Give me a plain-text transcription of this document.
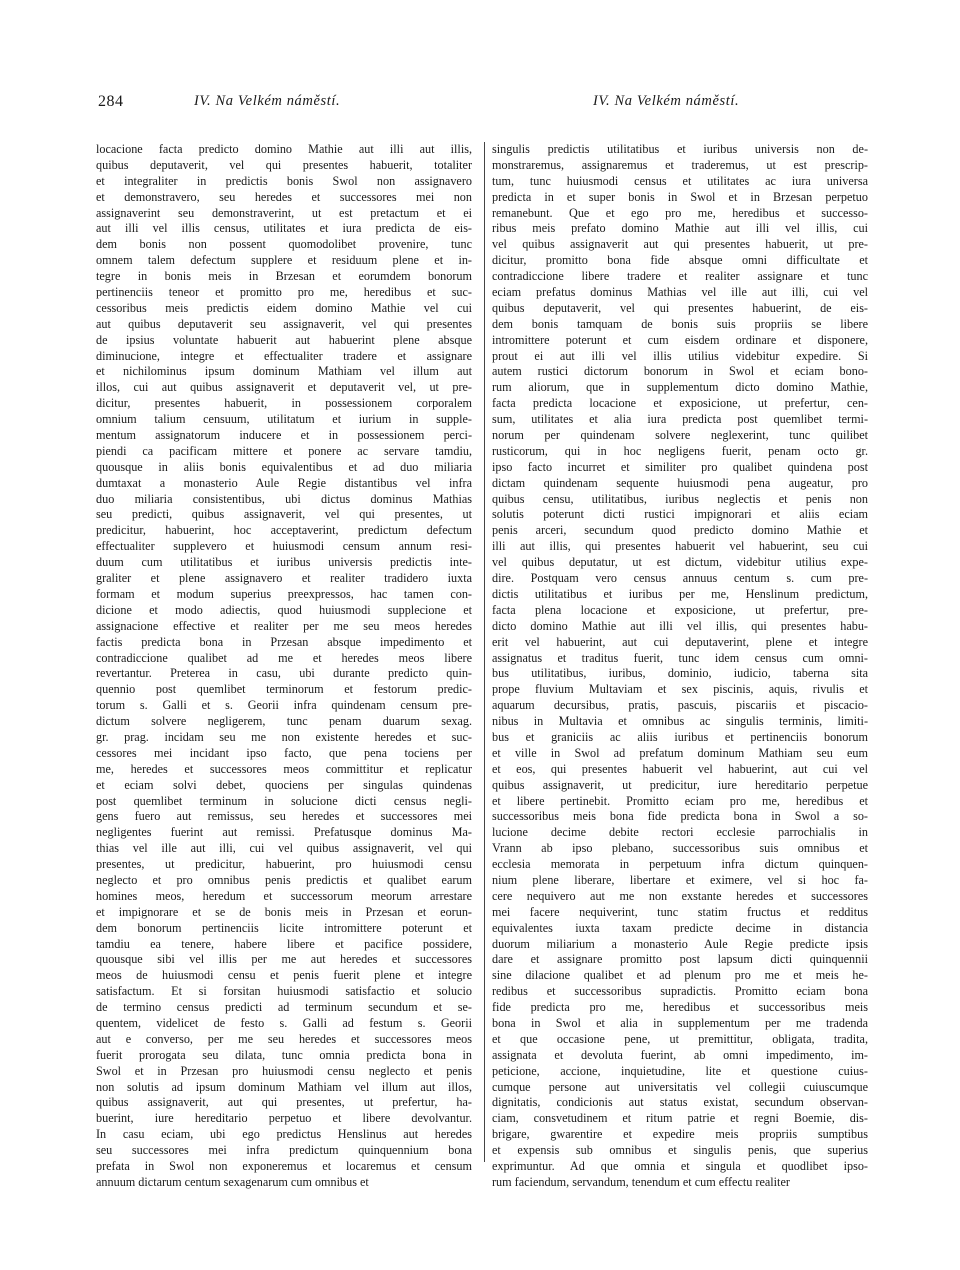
284	IV. Na Velkém náměstí.	IV. Na Velkém náměstí.
locacione facta predicto domino Mathie aut illi aut illis,
quibus deputaverit, vel qui presentes habuerit, totaliter
et integraliter in predictis bonis Swol non assignavero
et demonstravero, seu heredes et successores mei non
assignaverint seu demonstraverint, ut est pretactum et ei
aut illi vel illis census, utilitates et iura predicta de eis-
dem bonis non possent quomodolibet provenire, tunc
omnem talem defectum supplere et residuum plene et in-
tegre in bonis meis in Brzesan et eorumdem bonorum
pertinenciis teneor et promitto pro me, heredibus et suc-
cessoribus meis predictis eidem domino Mathie vel cui
aut quibus deputaverit seu assignaverit, vel qui presentes
de ipsius voluntate habuerit aut habuerint plene absque
diminucione, integre et effectualiter tradere et assignare
et nichilominus ipsum dominum Mathiam vel illum aut
illos, cui aut quibus assignaverit et deputaverit vel, ut pre-
dicitur, presentes habuerit, in possessionem corporalem
omnium talium censuum, utilitatum et iurium in supple-
mentum assignatorum inducere et in possessionem perci-
piendi ca pacificam mittere et ponere ac servare tamdiu,
quousque in aliis bonis equivalentibus et ad duo miliaria
dumtaxat a monasterio Aule Regie distantibus vel infra
duo miliaria consistentibus, ubi dictus dominus Mathias
seu predicti, quibus assignaverit, vel qui presentes, ut
predicitur, habuerint, hoc acceptaverint, predictum defectum
effectualiter supplevero et huiusmodi censum annum resi-
duum cum utilitatibus et iuribus universis predictis inte-
graliter et plene assignavero et realiter tradidero iuxta
formam et modum superius preexpressos, hac tamen con-
dicione et modo adiectis, quod huiusmodi supplecione et
assignacione effective et realiter per me seu meos heredes
factis predicta bona in Przesan absque impedimento et
contradiccione qualibet ad me et heredes meos libere
revertantur. Preterea in casu, ubi durante predicto quin-
quennio post quemlibet terminorum et festorum predic-
torum s. Galli et s. Georii infra quindenam censum pre-
dictum solvere negligerem, tunc penam duarum sexag.
gr. prag. incidam seu me non existente heredes et suc-
cessores mei incidant ipso facto, que pena tociens per
me, heredes et successores meos committitur et replicatur
et eciam solvi debet, quociens per singulas quindenas
post quemlibet terminum in solucione dicti census negli-
gens fuero aut remissus, seu heredes et successores mei
negligentes fuerint aut remissi. Prefatusque dominus Ma-
thias vel ille aut illi, cui vel quibus assignaverit, vel qui
presentes, ut predicitur, habuerint, pro huiusmodi censu
neglecto et pro omnibus penis predictis et qualibet earum
homines meos, heredum et successorum meorum arrestare
et impignorare et se de bonis meis in Przesan et eorun-
dem bonorum pertinenciis licite intromittere poterunt et
tamdiu ea tenere, habere libere et pacifice possidere,
quousque sibi vel illis per me aut heredes et successores
meos de huiusmodi censu et penis fuerit plene et integre
satisfactum. Et si forsitan huiusmodi satisfactio et solucio
de termino census predicti ad terminum secundum et se-
quentem, videlicet de festo s. Galli ad festum s. Georii
aut e converso, per me seu heredes et successores meos
fuerit prorogata seu dilata, tunc omnia predicta bona in
Swol et in Przesan pro huiusmodi censu neglecto et penis
non solutis ad ipsum dominum Mathiam vel illum aut illos,
quibus assignaverit, aut qui presentes, ut prefertur, ha-
buerint, iure hereditario perpetuo et libere devolvantur.
In casu eciam, ubi ego predictus Henslinus aut heredes
seu successores mei infra predictum quinquennium bona
prefata in Swol non exponeremus et locaremus et censum
annuum dictarum centum sexagenarum cum omnibus et
singulis predictis utilitatibus et iuribus universis non de-
monstraremus, assignaremus et traderemus, ut est prescrip-
tum, tunc huiusmodi census et utilitates ac iura universa
predicta in et super bonis in Swol et in Brzesan perpetuo
remanebunt. Que et ego pro me, heredibus et successo-
ribus meis prefato domino Mathie aut illi vel illis, cui
vel quibus assignaverit aut qui presentes habuerit, ut pre-
dicitur, promitto bona fide absque omni difficultate et
contradiccione libere tradere et realiter assignare et tunc
eciam prefatus dominus Mathias vel ille aut illi, cui vel
quibus deputaverit, vel qui presentes habuerint, de eis-
dem bonis tamquam de bonis suis propriis se libere
intromittere poterunt et cum eisdem ordinare et disponere,
prout ei aut illi vel illis utilius videbitur expedire. Si
autem rustici dictorum bonorum in Swol et eciam bono-
rum aliorum, que in supplementum dicto domino Mathie,
facta predicta locacione et exposicione, ut prefertur, cen-
sum, utilitates et alia iura predicta post quemlibet termi-
norum per quindenam solvere neglexerint, tunc quilibet
rusticorum, qui in hoc negligens fuerit, penam octo gr.
ipso facto incurret et similiter pro qualibet quindena post
dictam quindenam sequente huiusmodi pena augeatur, pro
quibus censu, utilitatibus, iuribus neglectis et penis non
solutis poterunt dicti rustici impignorari et aliis eciam
penis arceri, secundum quod predicto domino Mathie et
illi aut illis, qui presentes habuerit vel habuerint, seu cui
vel quibus deputatur, ut est dictum, videbitur utilius expe-
dire. Postquam vero census annuus centum s. cum pre-
dictis utilitatibus et iuribus per me, Henslinum predictum,
facta plena locacione et exposicione, ut prefertur, pre-
dicto domino Mathie aut illi vel illis, qui presentes habu-
erit vel habuerint, aut cui deputaverint, plene et integre
assignatus et traditus fuerit, tunc idem census cum omni-
bus utilitatibus, iuribus, dominio, iudicio, taberna sita
prope fluvium Multaviam et sex piscinis, aquis, rivulis et
aquarum decursibus, pratis, pascuis, piscariis et piscacio-
nibus in Multavia et omnibus ac singulis terminis, limiti-
bus et graniciis ac aliis iuribus et pertinenciis bonorum
et ville in Swol ad prefatum dominum Mathiam seu eum
et eos, qui presentes habuerit vel habuerint, aut cui vel
quibus assignaverit, ut predicitur, iure hereditario perpetue
et libere pertinebit. Promitto eciam pro me, heredibus et
successoribus meis bona fide predicta bona in Swol a so-
lucione decime debite rectori ecclesie parrochialis in
Vrann ab ipso plebano, successoribus suis omnibus et
ecclesia memorata in perpetuum infra dictum quinquen-
nium plene liberare, libertare et eximere, vel si hoc fa-
cere nequivero aut me non exstante heredes et successores
mei facere nequiverint, tunc statim fructus et redditus
equivalentes iuxta taxam predicte decime in distancia
duorum miliarium a monasterio Aule Regie predicte ipsis
dare et assignare promitto post lapsum dicti quinquennii
sine dilacione qualibet et ad plenum pro me et meis he-
redibus et successoribus supradictis. Promitto eciam bona
fide predicta pro me, heredibus et successoribus meis
bona in Swol et alia in supplementum per me tradenda
et que occasione pene, ut premittitur, obligata, tradita,
assignata et devoluta fuerint, ab omni impedimento, im-
peticione, accione, inquietudine, lite et questione cuius-
cumque persone aut universitatis vel collegii cuiuscumque
dignitatis, condicionis aut status existat, secundum observan-
ciam, consvetudinem et ritum patrie et regni Boemie, dis-
brigare, gwarentire et expedire meis propriis sumptibus
et expensis sub omnibus et singulis penis, que superius
exprimuntur. Ad que omnia et singula et quodlibet ipso-
rum faciendum, servandum, tenendum et cum effectu realiter
